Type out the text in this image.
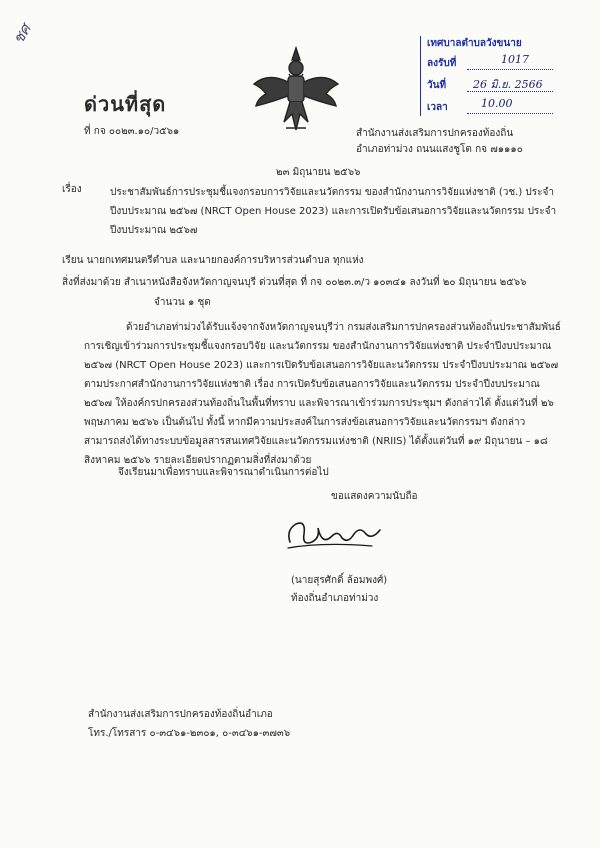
ชศ
ด่วนที่สุด
ที่ กจ ๐๐๒๓.๑๐/ว๕๖๑
เทศบาลตำบลวังขนาย
ลงรับที่	1017
วันที่ 26 มิ.ย. 2566
เวลา	10.00
สำนักงานส่งเสริมการปกครองท้องถิ่น
อำเภอท่าม่วง ถนนแสงชูโต กจ ๗๑๑๑๐
๒๓ มิถุนายน ๒๕๖๖
เรื่อง	ประชาสัมพันธ์การประชุมชี้แจงกรอบการวิจัยและนวัตกรรม ของสำนักงานการวิจัยแห่งชาติ (วช.) ประจำปีงบประมาณ ๒๕๖๗ (NRCT Open House 2023) และการเปิดรับข้อเสนอการวิจัยและนวัตกรรม ประจำปีงบประมาณ ๒๕๖๗
เรียน นายกเทศมนตรีตำบล และนายกองค์การบริหารส่วนตำบล ทุกแห่ง
สิ่งที่ส่งมาด้วย สำเนาหนังสือจังหวัดกาญจนบุรี ด่วนที่สุด ที่ กจ ๐๐๒๓.๓/ว ๑๐๓๔๑ ลงวันที่ ๒๐ มิถุนายน ๒๕๖๖
จำนวน ๑ ชุด

ด้วยอำเภอท่าม่วงได้รับแจ้งจากจังหวัดกาญจนบุรีว่า กรมส่งเสริมการปกครองส่วนท้องถิ่นประชาสัมพันธ์การเชิญเข้าร่วมการประชุมชี้แจงกรอบวิจัย และนวัตกรรม ของสำนักงานการวิจัยแห่งชาติ ประจำปีงบประมาณ ๒๕๖๗ (NRCT Open House 2023) และการเปิดรับข้อเสนอการวิจัยและนวัตกรรม ประจำปีงบประมาณ ๒๕๖๗ ตามประกาศสำนักงานการวิจัยแห่งชาติ เรื่อง การเปิดรับข้อเสนอการวิจัยและนวัตกรรม ประจำปีงบประมาณ ๒๕๖๗ ให้องค์กรปกครองส่วนท้องถิ่นในพื้นที่ทราบ และพิจารณาเข้าร่วมการประชุมฯ ดังกล่าวได้ ตั้งแต่วันที่ ๒๖ พฤษภาคม ๒๕๖๖ เป็นต้นไป ทั้งนี้ หากมีความประสงค์ในการส่งข้อเสนอการวิจัยและนวัตกรรมฯ ดังกล่าว สามารถส่งได้ทางระบบข้อมูลสารสนเทศวิจัยและนวัตกรรมแห่งชาติ (NRIIS) ได้ตั้งแต่วันที่ ๑๙ มิถุนายน – ๑๘ สิงหาคม ๒๕๖๖ รายละเอียดปรากฏตามสิ่งที่ส่งมาด้วย

จึงเรียนมาเพื่อทราบและพิจารณาดำเนินการต่อไป
ขอแสดงความนับถือ
(นายสุรศักดิ์ ล้อมพงศ์)
ท้องถิ่นอำเภอท่าม่วง
สำนักงานส่งเสริมการปกครองท้องถิ่นอำเภอ
โทร./โทรสาร ๐-๓๔๖๑-๒๓๐๑, ๐-๓๔๖๑-๓๗๓๖
